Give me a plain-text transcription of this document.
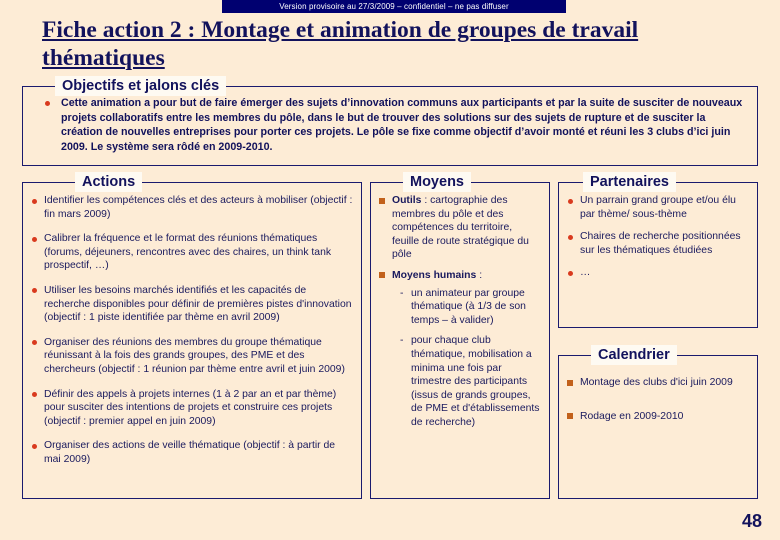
Version provisoire au 27/3/2009 – confidentiel – ne pas diffuser
Fiche action 2 : Montage et animation de groupes de travail thématiques
Objectifs et jalons clés
Cette animation a pour but de faire émerger des sujets d’innovation communs aux participants et par la suite de susciter de nouveaux projets collaboratifs entre les membres du pôle, dans le but de trouver des solutions sur des sujets de rupture et de susciter la création de nouvelles entreprises pour porter ces projets. Le pôle se fixe comme objectif d’avoir monté et réuni les 3 clubs d’ici juin 2009. Le système sera rôdé en 2009-2010.
Actions
Identifier les compétences clés et des acteurs à mobiliser (objectif : fin mars 2009)
Calibrer la fréquence et le format des réunions thématiques (forums, déjeuners, rencontres avec des chaires, un think tank prospectif, …)
Utiliser les besoins marchés identifiés et les capacités de recherche disponibles pour définir de premières pistes d'innovation (objectif : 1 piste identifiée par thème en avril 2009)
Organiser des réunions des membres du groupe thématique réunissant à la fois des grands groupes, des PME et des chercheurs (objectif : 1 réunion par thème entre avril et juin 2009)
Définir des appels à projets internes (1 à 2 par an et par thème) pour susciter des intentions de projets et construire ces projets (objectif : premier appel en juin 2009)
Organiser des actions de veille thématique (objectif : à partir de mai 2009)
Moyens
Outils : cartographie des membres du pôle et des compétences du territoire, feuille de route stratégique du pôle
Moyens humains :
- un animateur par groupe thématique (à 1/3 de son temps – à valider)
- pour chaque club thématique, mobilisation a minima une fois par trimestre des participants (issus de grands groupes, de PME et d'établissements de recherche)
Partenaires
Un parrain grand groupe et/ou élu par thème/ sous-thème
Chaires de recherche positionnées sur les thématiques étudiées
…
Calendrier
Montage des clubs d'ici juin 2009
Rodage en 2009-2010
48
